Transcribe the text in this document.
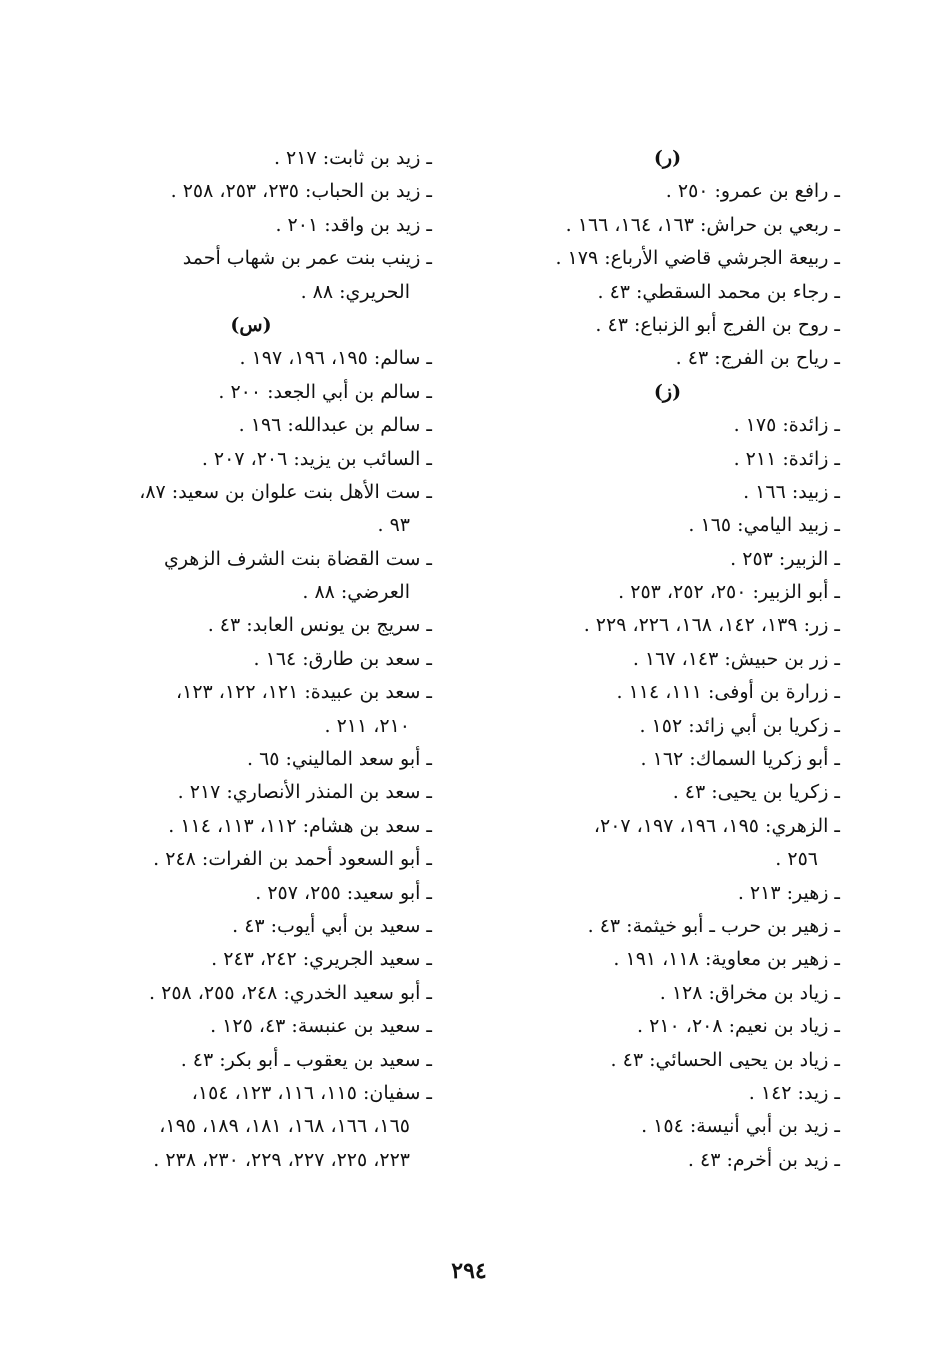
(ر)
ـ رافع بن عمرو: ٢٥٠ .
ـ ربعي بن حراش: ١٦٣، ١٦٤، ١٦٦ .
ـ ربيعة الجرشي قاضي الأرباع: ١٧٩ .
ـ رجاء بن محمد السقطي: ٤٣ .
ـ روح بن الفرج أبو الزنباع: ٤٣ .
ـ رياح بن الفرج: ٤٣ .
(ز)
ـ زائدة: ١٧٥ .
ـ زائدة: ٢١١ .
ـ زبيد: ١٦٦ .
ـ زبيد اليامي: ١٦٥ .
ـ الزبير: ٢٥٣ .
ـ أبو الزبير: ٢٥٠، ٢٥٢، ٢٥٣ .
ـ زر: ١٣٩، ١٤٢، ١٦٨، ٢٢٦، ٢٢٩ .
ـ زر بن حبيش: ١٤٣، ١٦٧ .
ـ زرارة بن أوفى: ١١١، ١١٤ .
ـ زكريا بن أبي زائد: ١٥٢ .
ـ أبو زكريا السماك: ١٦٢ .
ـ زكريا بن يحيى: ٤٣ .
ـ الزهري: ١٩٥، ١٩٦، ١٩٧، ٢٠٧،
٢٥٦ .
ـ زهير: ٢١٣ .
ـ زهير بن حرب ـ أبو خيثمة: ٤٣ .
ـ زهير بن معاوية: ١١٨، ١٩١ .
ـ زياد بن مخراق: ١٢٨ .
ـ زياد بن نعيم: ٢٠٨، ٢١٠ .
ـ زياد بن يحيى الحسائي: ٤٣ .
ـ زيد: ١٤٢ .
ـ زيد بن أبي أنيسة: ١٥٤ .
ـ زيد بن أخرم: ٤٣ .
ـ زيد بن ثابت: ٢١٧ .
ـ زيد بن الحباب: ٢٣٥، ٢٥٣، ٢٥٨ .
ـ زيد بن واقد: ٢٠١ .
ـ زينب بنت عمر بن شهاب أحمد
الحريري: ٨٨ .
(س)
ـ سالم: ١٩٥، ١٩٦، ١٩٧ .
ـ سالم بن أبي الجعد: ٢٠٠ .
ـ سالم بن عبدالله: ١٩٦ .
ـ السائب بن يزيد: ٢٠٦، ٢٠٧ .
ـ ست الأهل بنت علوان بن سعيد: ٨٧،
٩٣ .
ـ ست القضاة بنت الشرف الزهري
العرضي: ٨٨ .
ـ سريج بن يونس العابد: ٤٣ .
ـ سعد بن طارق: ١٦٤ .
ـ سعد بن عبيدة: ١٢١، ١٢٢، ١٢٣،
٢١٠، ٢١١ .
ـ أبو سعد الماليني: ٦٥ .
ـ سعد بن المنذر الأنصاري: ٢١٧ .
ـ سعد بن هشام: ١١٢، ١١٣، ١١٤ .
ـ أبو السعود أحمد بن الفرات: ٢٤٨ .
ـ أبو سعيد: ٢٥٥، ٢٥٧ .
ـ سعيد بن أبي أيوب: ٤٣ .
ـ سعيد الجريري: ٢٤٢، ٢٤٣ .
ـ أبو سعيد الخدري: ٢٤٨، ٢٥٥، ٢٥٨ .
ـ سعيد بن عنبسة: ٤٣، ١٢٥ .
ـ سعيد بن يعقوب ـ أبو بكر: ٤٣ .
ـ سفيان: ١١٥، ١١٦، ١٢٣، ١٥٤،
١٦٥، ١٦٦، ١٦٨، ١٨١، ١٨٩، ١٩٥،
٢٢٣، ٢٢٥، ٢٢٧، ٢٢٩، ٢٣٠، ٢٣٨ .
٢٩٤
